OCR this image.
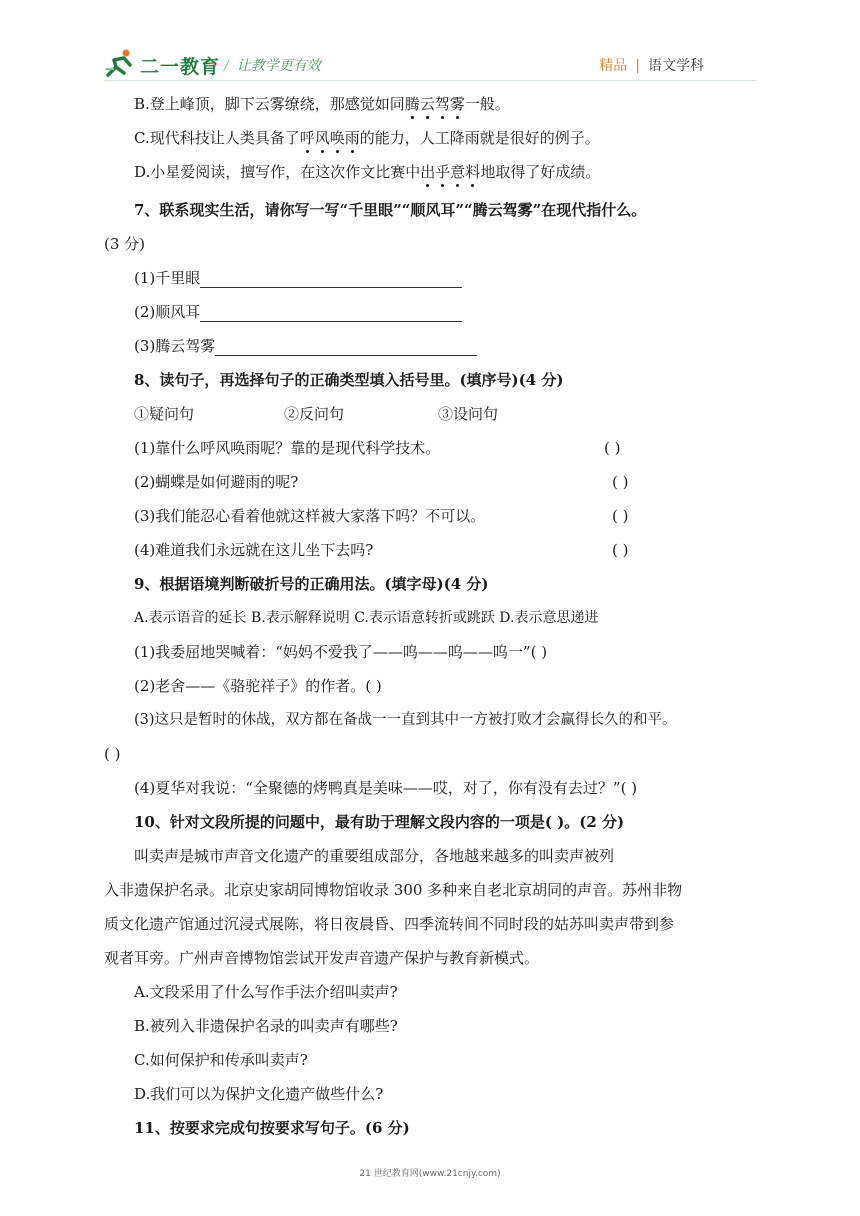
二一教育 / 让教学更有效	精品 | 语文学科
B.登上峰顶，脚下云雾缭绕，那感觉如同腾云驾雾一般。
C.现代科技让人类具备了呼风唤雨的能力，人工降雨就是很好的例子。
D.小星爱阅读，擅写作，在这次作文比赛中出乎意料地取得了好成绩。
7、联系现实生活，请你写一写“千里眼”“顺风耳”“腾云驾雾”在现代指什么。
(3 分)
(1)千里眼
(2)顺风耳
(3)腾云驾雾
8、读句子，再选择句子的正确类型填入括号里。(填序号)(4 分)
①疑问句	②反问句	③设问句
(1)靠什么呼风唤雨呢？靠的是现代科学技术。	( )
(2)蝴蝶是如何避雨的呢?	( )
(3)我们能忍心看着他就这样被大家落下吗？不可以。	( )
(4)难道我们永远就在这儿坐下去吗?	( )
9、根据语境判断破折号的正确用法。(填字母)(4 分)
A.表示语音的延长 B.表示解释说明 C.表示语意转折或跳跃 D.表示意思递进
(1)我委屈地哭喊着：“妈妈不爱我了——呜——呜——呜一”( )
(2)老舍——《骆驼祥子》的作者。( )
(3)这只是暂时的休战，双方都在备战一一直到其中一方被打败才会赢得长久的和平。
( )
(4)夏华对我说：“全聚德的烤鸭真是美味——哎，对了，你有没有去过？”( )
10、针对文段所提的问题中，最有助于理解文段内容的一项是( )。(2 分)
叫卖声是城市声音文化遗产的重要组成部分，各地越来越多的叫卖声被列
入非遗保护名录。北京史家胡同博物馆收录 300 多种来自老北京胡同的声音。苏州非物
质文化遗产馆通过沉浸式展陈，将日夜晨昏、四季流转间不同时段的姑苏叫卖声带到参
观者耳旁。广州声音博物馆尝试开发声音遗产保护与教育新模式。
A.文段采用了什么写作手法介绍叫卖声?
B.被列入非遗保护名录的叫卖声有哪些?
C.如何保护和传承叫卖声?
D.我们可以为保护文化遗产做些什么?
11、按要求完成句按要求写句子。(6 分)
21 世纪教育网(www.21cnjy.com)
